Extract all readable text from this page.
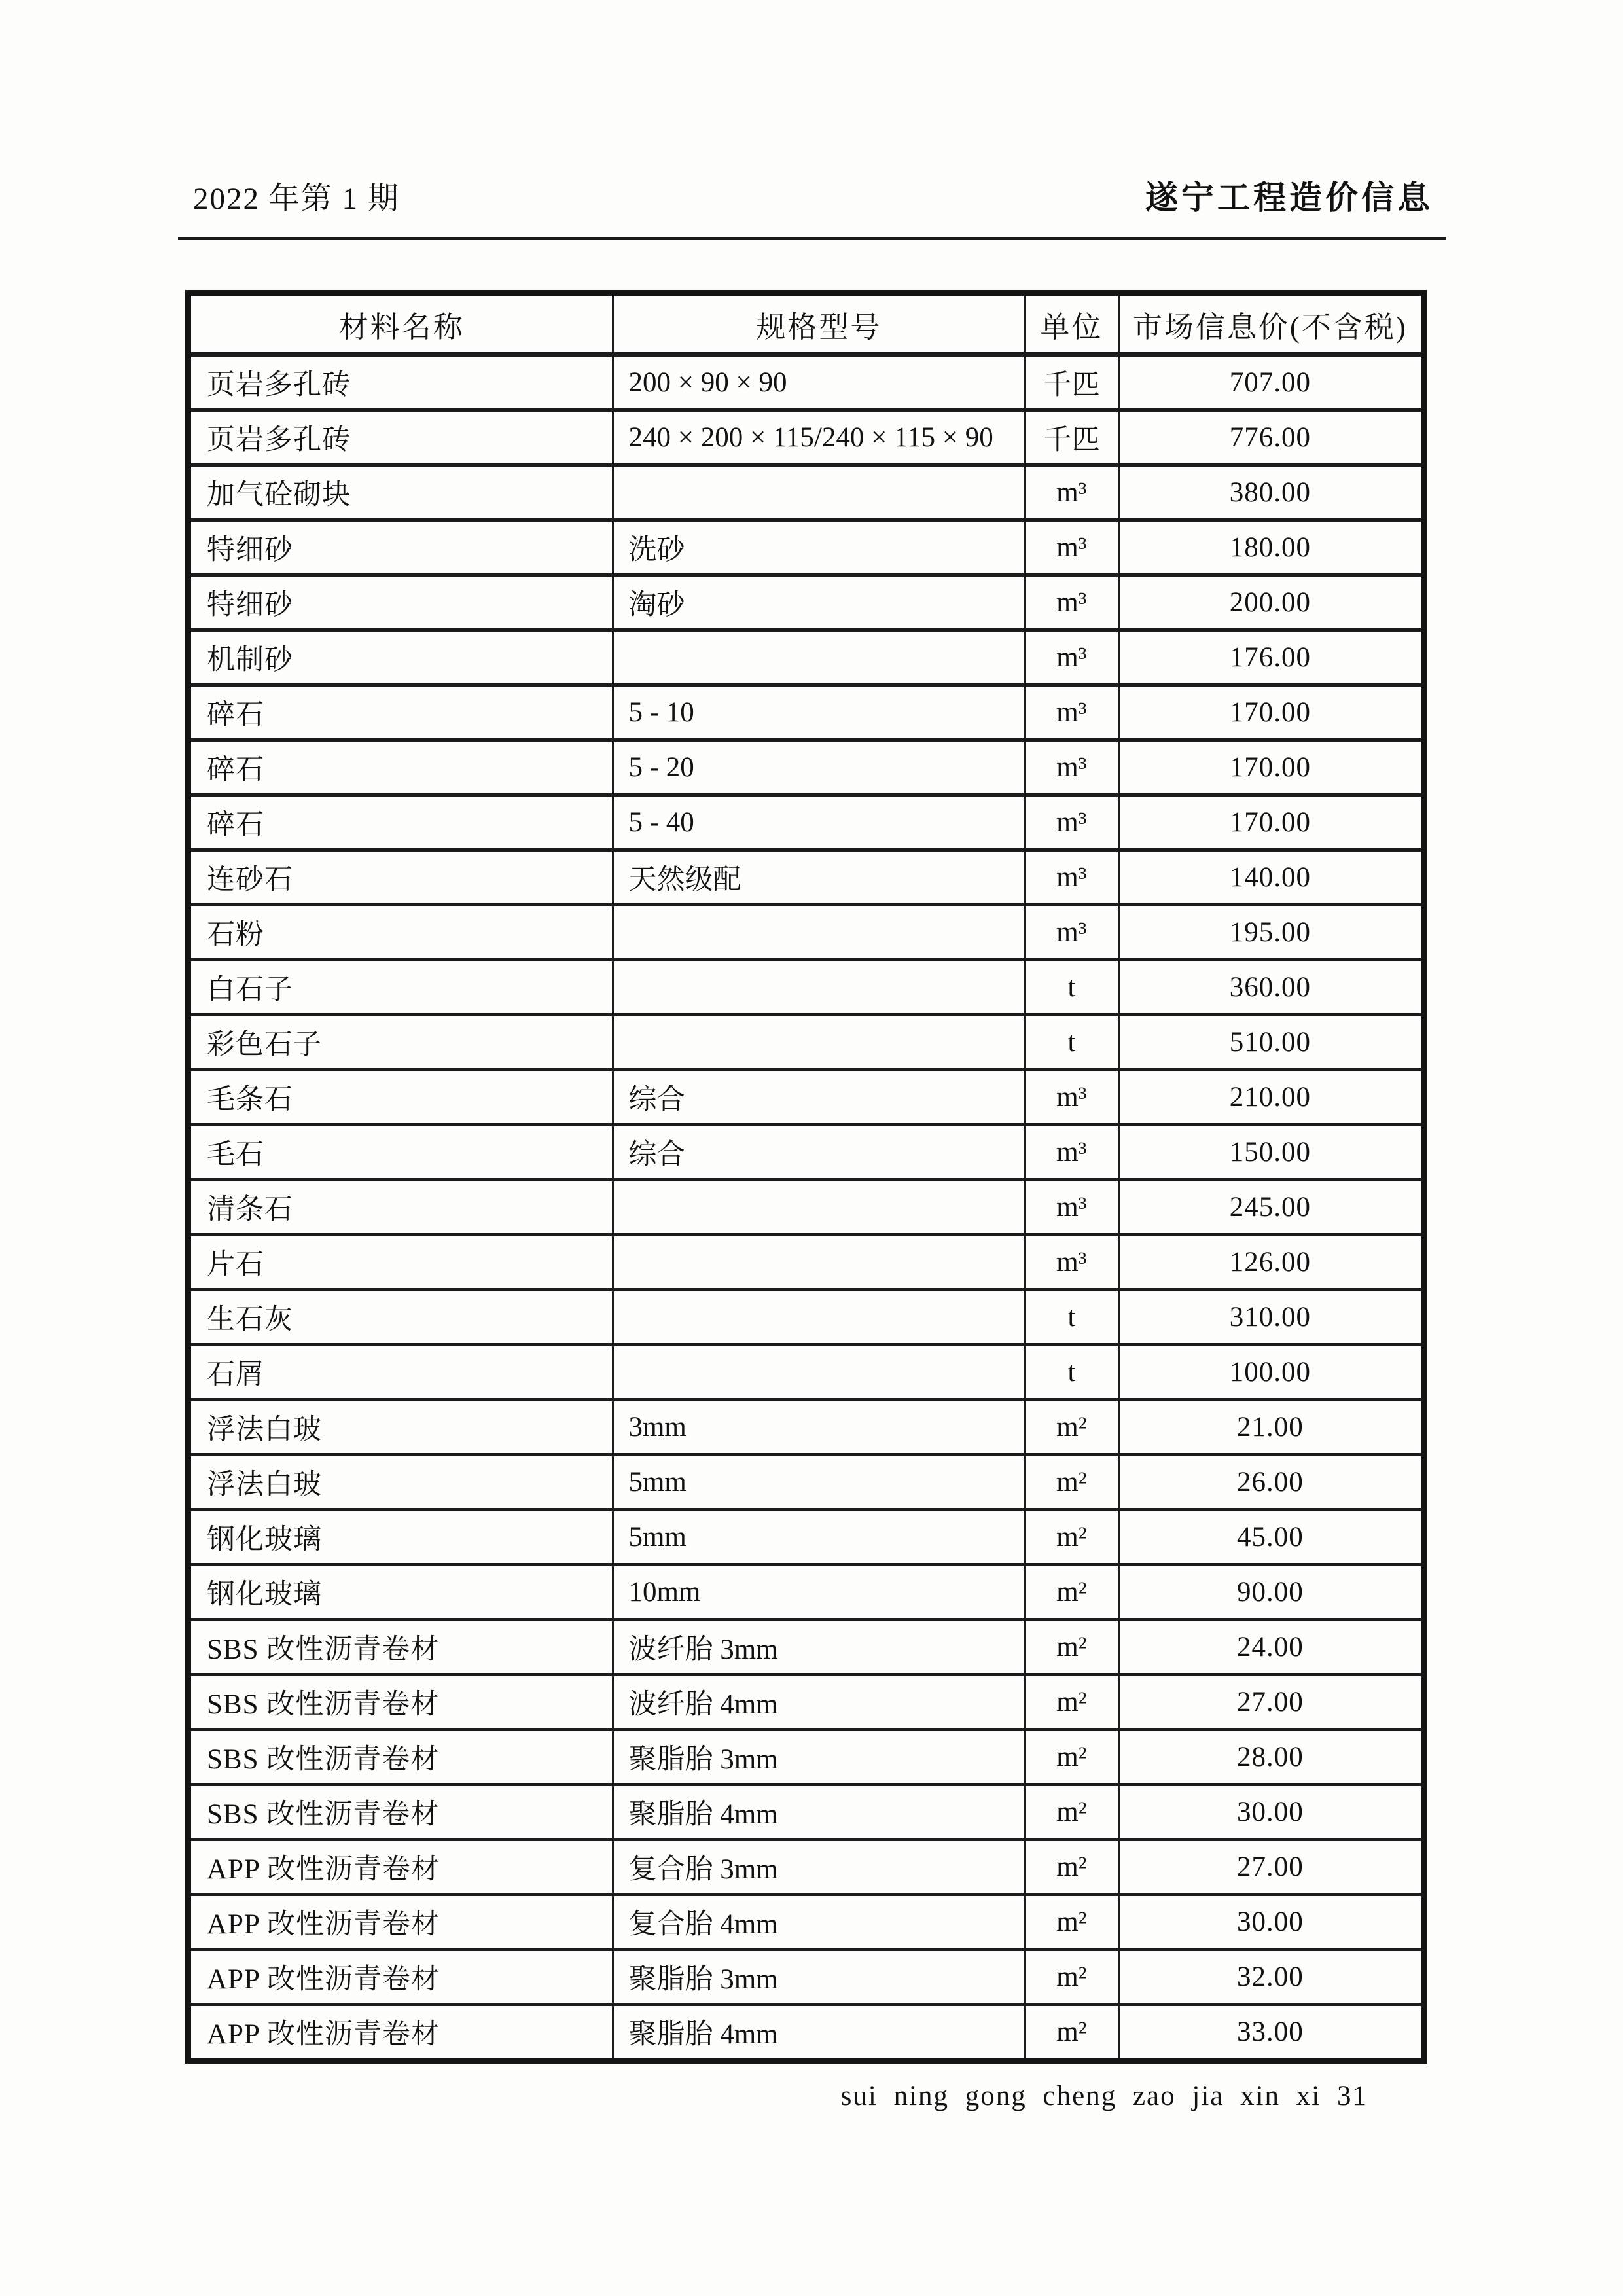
2022 年第 1 期	遂宁工程造价信息
材料名称	规格型号	单位	市场信息价(不含税)
页岩多孔砖	200 × 90 × 90	千匹	707.00
页岩多孔砖	240 × 200 × 115/240 × 115 × 90	千匹	776.00
加气砼砌块		m³	380.00
特细砂	洗砂	m³	180.00
特细砂	淘砂	m³	200.00
机制砂		m³	176.00
碎石	5 - 10	m³	170.00
碎石	5 - 20	m³	170.00
碎石	5 - 40	m³	170.00
连砂石	天然级配	m³	140.00
石粉		m³	195.00
白石子		t	360.00
彩色石子		t	510.00
毛条石	综合	m³	210.00
毛石	综合	m³	150.00
清条石		m³	245.00
片石		m³	126.00
生石灰		t	310.00
石屑		t	100.00
浮法白玻	3mm	m²	21.00
浮法白玻	5mm	m²	26.00
钢化玻璃	5mm	m²	45.00
钢化玻璃	10mm	m²	90.00
SBS 改性沥青卷材	波纤胎 3mm	m²	24.00
SBS 改性沥青卷材	波纤胎 4mm	m²	27.00
SBS 改性沥青卷材	聚脂胎 3mm	m²	28.00
SBS 改性沥青卷材	聚脂胎 4mm	m²	30.00
APP 改性沥青卷材	复合胎 3mm	m²	27.00
APP 改性沥青卷材	复合胎 4mm	m²	30.00
APP 改性沥青卷材	聚脂胎 3mm	m²	32.00
APP 改性沥青卷材	聚脂胎 4mm	m²	33.00
sui ning gong cheng zao jia xin xi 31
